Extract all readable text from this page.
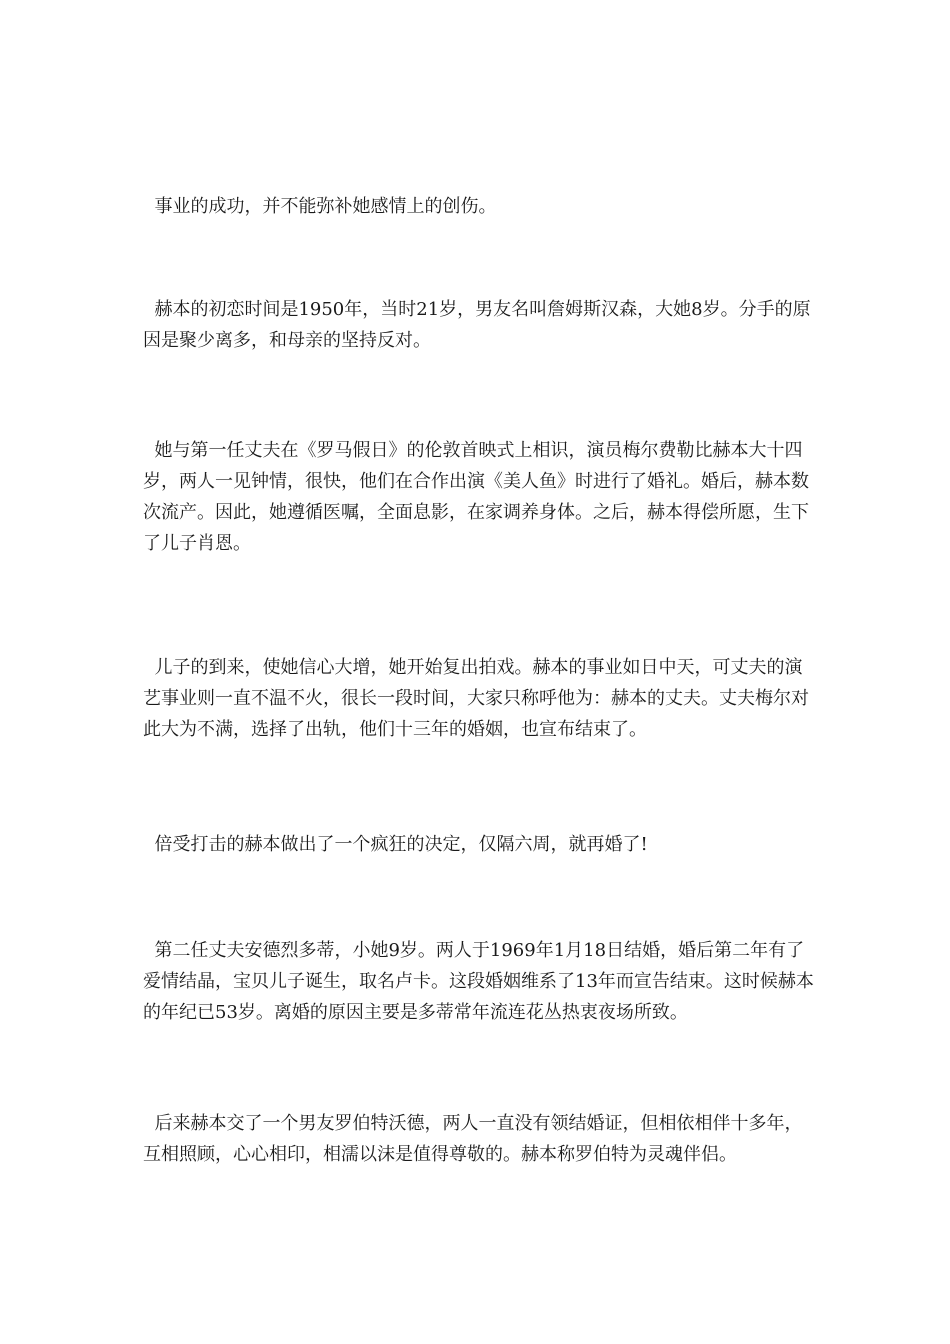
事业的成功，并不能弥补她感情上的创伤。

赫本的初恋时间是1950年，当时21岁，男友名叫詹姆斯汉森，大她8岁。分手的原因是聚少离多，和母亲的坚持反对。

她与第一任丈夫在《罗马假日》的伦敦首映式上相识，演员梅尔费勒比赫本大十四岁，两人一见钟情，很快，他们在合作出演《美人鱼》时进行了婚礼。婚后，赫本数次流产。因此，她遵循医嘱，全面息影，在家调养身体。之后，赫本得偿所愿，生下了儿子肖恩。

儿子的到来，使她信心大增，她开始复出拍戏。赫本的事业如日中天，可丈夫的演艺事业则一直不温不火，很长一段时间，大家只称呼他为：赫本的丈夫。丈夫梅尔对此大为不满，选择了出轨，他们十三年的婚姻，也宣布结束了。

倍受打击的赫本做出了一个疯狂的决定，仅隔六周，就再婚了!

第二任丈夫安德烈多蒂，小她9岁。两人于1969年1月18日结婚，婚后第二年有了爱情结晶，宝贝儿子诞生，取名卢卡。这段婚姻维系了13年而宣告结束。这时候赫本的年纪已53岁。离婚的原因主要是多蒂常年流连花丛热衷夜场所致。

后来赫本交了一个男友罗伯特沃德，两人一直没有领结婚证，但相依相伴十多年，互相照顾，心心相印，相濡以沫是值得尊敬的。赫本称罗伯特为灵魂伴侣。
